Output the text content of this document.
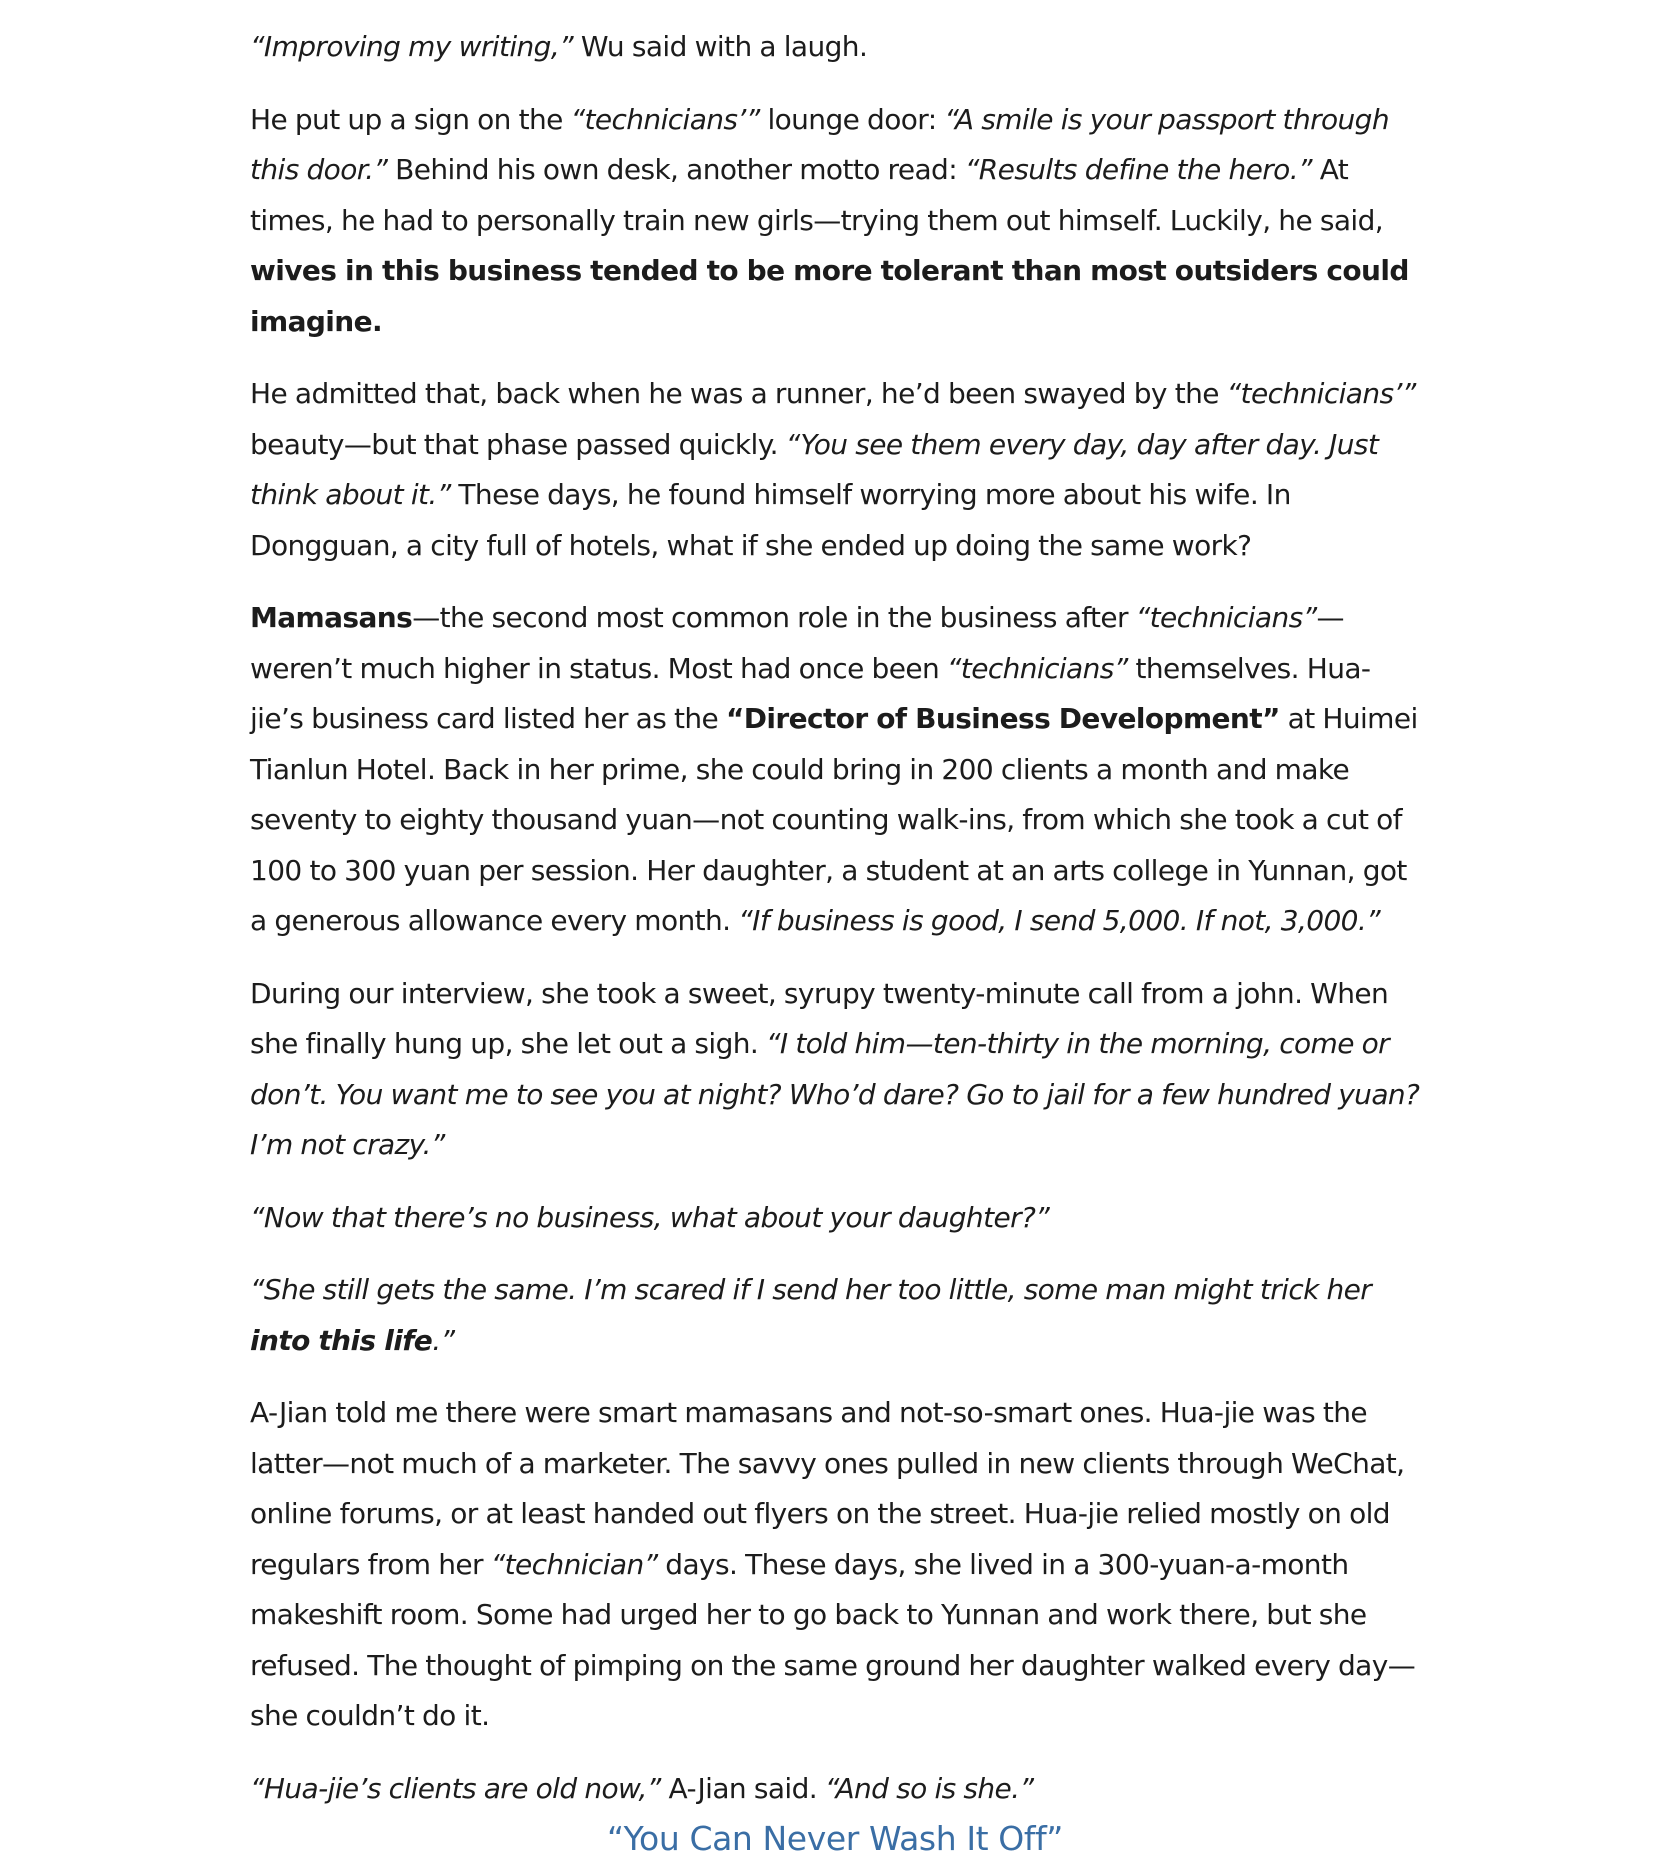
“Improving my writing,” Wu said with a laugh.

He put up a sign on the “technicians’” lounge door: “A smile is your passport through this door.” Behind his own desk, another motto read: “Results define the hero.” At times, he had to personally train new girls—trying them out himself. Luckily, he said, wives in this business tended to be more tolerant than most outsiders could imagine.

He admitted that, back when he was a runner, he’d been swayed by the “technicians’” beauty—but that phase passed quickly. “You see them every day, day after day. Just think about it.” These days, he found himself worrying more about his wife. In Dongguan, a city full of hotels, what if she ended up doing the same work?

Mamasans—the second most common role in the business after “technicians”—weren’t much higher in status. Most had once been “technicians” themselves. Hua-jie’s business card listed her as the “Director of Business Development” at Huimei Tianlun Hotel. Back in her prime, she could bring in 200 clients a month and make seventy to eighty thousand yuan—not counting walk-ins, from which she took a cut of 100 to 300 yuan per session. Her daughter, a student at an arts college in Yunnan, got a generous allowance every month. “If business is good, I send 5,000. If not, 3,000.”

During our interview, she took a sweet, syrupy twenty-minute call from a john. When she finally hung up, she let out a sigh. “I told him—ten-thirty in the morning, come or don’t. You want me to see you at night? Who’d dare? Go to jail for a few hundred yuan? I’m not crazy.”

“Now that there’s no business, what about your daughter?”

“She still gets the same. I’m scared if I send her too little, some man might trick her into this life.”

A-Jian told me there were smart mamasans and not-so-smart ones. Hua-jie was the latter—not much of a marketer. The savvy ones pulled in new clients through WeChat, online forums, or at least handed out flyers on the street. Hua-jie relied mostly on old regulars from her “technician” days. These days, she lived in a 300-yuan-a-month makeshift room. Some had urged her to go back to Yunnan and work there, but she refused. The thought of pimping on the same ground her daughter walked every day—she couldn’t do it.

“Hua-jie’s clients are old now,” A-Jian said. “And so is she.”

“You Can Never Wash It Off”
